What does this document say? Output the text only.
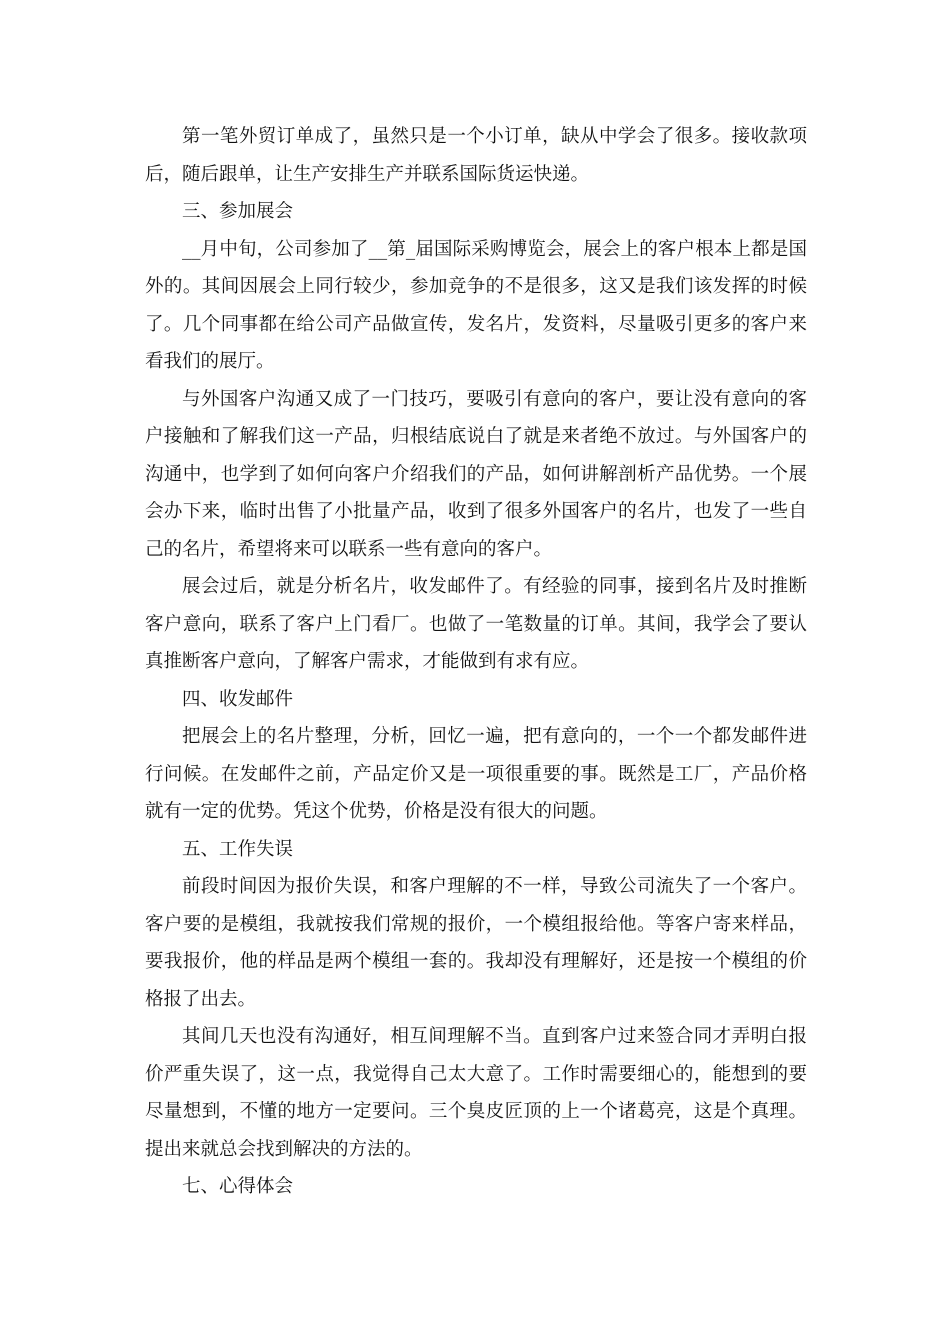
第一笔外贸订单成了，虽然只是一个小订单，缺从中学会了很多。接收款项后，随后跟单，让生产安排生产并联系国际货运快递。

三、参加展会

__月中旬，公司参加了__第_届国际采购博览会，展会上的客户根本上都是国外的。其间因展会上同行较少，参加竞争的不是很多，这又是我们该发挥的时候了。几个同事都在给公司产品做宣传，发名片，发资料，尽量吸引更多的客户来看我们的展厅。

与外国客户沟通又成了一门技巧，要吸引有意向的客户，要让没有意向的客户接触和了解我们这一产品，归根结底说白了就是来者绝不放过。与外国客户的沟通中，也学到了如何向客户介绍我们的产品，如何讲解剖析产品优势。一个展会办下来，临时出售了小批量产品，收到了很多外国客户的名片，也发了一些自己的名片，希望将来可以联系一些有意向的客户。

展会过后，就是分析名片，收发邮件了。有经验的同事，接到名片及时推断客户意向，联系了客户上门看厂。也做了一笔数量的订单。其间，我学会了要认真推断客户意向，了解客户需求，才能做到有求有应。

四、收发邮件

把展会上的名片整理，分析，回忆一遍，把有意向的，一个一个都发邮件进行问候。在发邮件之前，产品定价又是一项很重要的事。既然是工厂，产品价格就有一定的优势。凭这个优势，价格是没有很大的问题。

五、工作失误

前段时间因为报价失误，和客户理解的不一样，导致公司流失了一个客户。客户要的是模组，我就按我们常规的报价，一个模组报给他。等客户寄来样品，要我报价，他的样品是两个模组一套的。我却没有理解好，还是按一个模组的价格报了出去。

其间几天也没有沟通好，相互间理解不当。直到客户过来签合同才弄明白报价严重失误了，这一点，我觉得自己太大意了。工作时需要细心的，能想到的要尽量想到，不懂的地方一定要问。三个臭皮匠顶的上一个诸葛亮，这是个真理。提出来就总会找到解决的方法的。

七、心得体会
